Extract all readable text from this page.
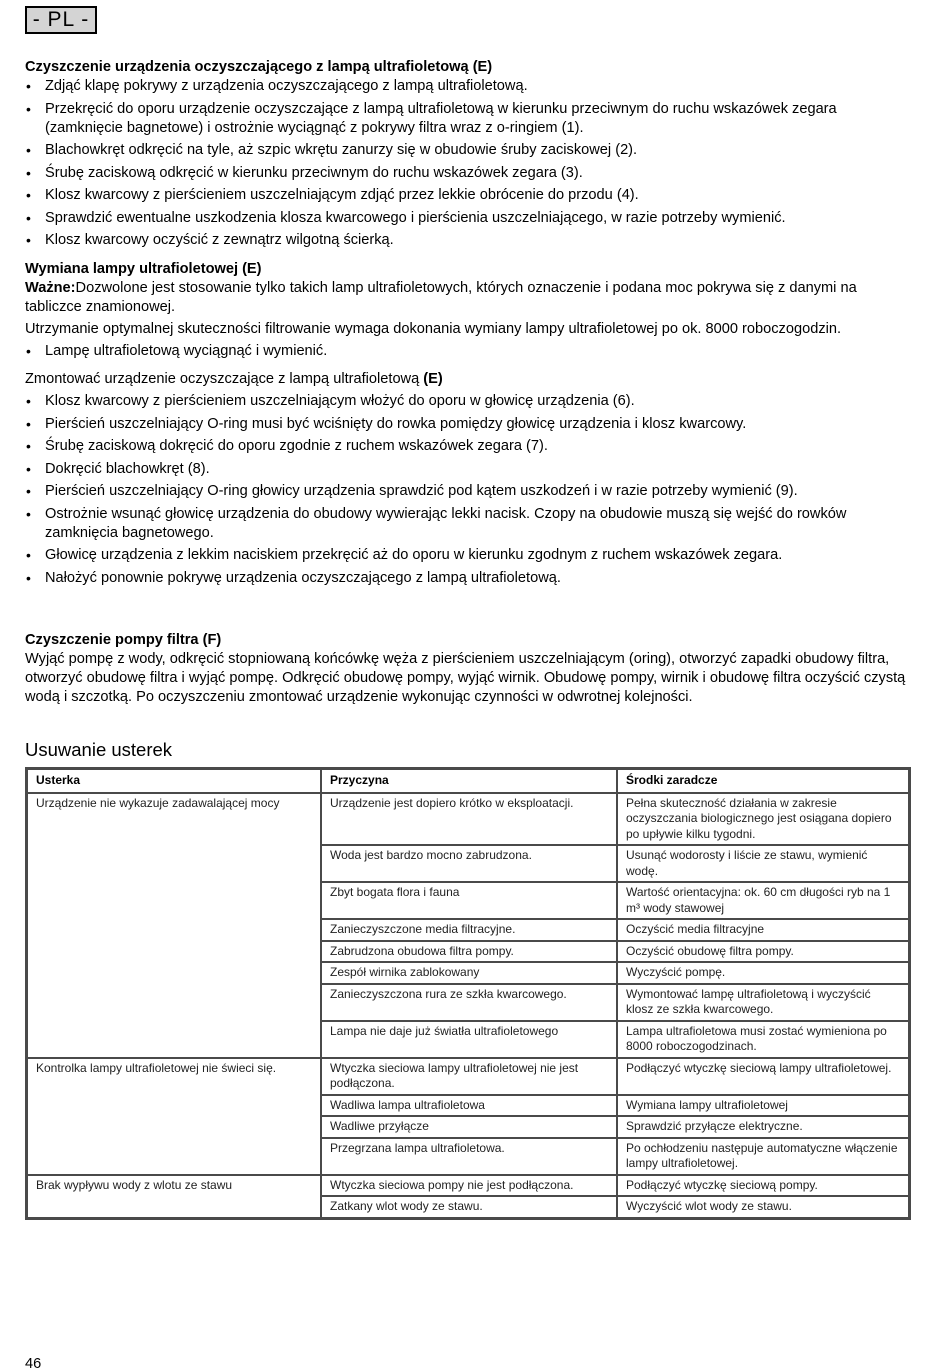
- PL -
Czyszczenie urządzenia oczyszczającego z lampą ultrafioletową (E)
• Zdjąć klapę pokrywy z urządzenia oczyszczającego z lampą ultrafioletową.
• Przekręcić do oporu urządzenie oczyszczające z lampą ultrafioletową w kierunku przeciwnym do ruchu wskazówek zegara (zamknięcie bagnetowe) i ostrożnie wyciągnąć z pokrywy filtra wraz z o-ringiem (1).
• Blachowkręt odkręcić na tyle, aż szpic wkrętu zanurzy się w obudowie śruby zaciskowej (2).
• Śrubę zaciskową odkręcić w kierunku przeciwnym do ruchu wskazówek zegara (3).
• Klosz kwarcowy z pierścieniem uszczelniającym zdjąć przez lekkie obrócenie do przodu (4).
• Sprawdzić ewentualne uszkodzenia klosza kwarcowego i pierścienia uszczelniającego, w razie potrzeby wymienić.
• Klosz kwarcowy oczyścić z zewnątrz wilgotną ścierką.
Wymiana lampy ultrafioletowej (E)

Ważne:Dozwolone jest stosowanie tylko takich lamp ultrafioletowych, których oznaczenie i podana moc pokrywa się z danymi na tabliczce znamionowej.

Utrzymanie optymalnej skuteczności filtrowanie wymaga dokonania wymiany lampy ultrafioletowej po ok. 8000 roboczogodzin.

• Lampę ultrafioletową wyciągnąć i wymienić.

Zmontować urządzenie oczyszczające z lampą ultrafioletową (E)

• Klosz kwarcowy z pierścieniem uszczelniającym włożyć do oporu w głowicę urządzenia (6).
• Pierścień uszczelniający O-ring musi być wciśnięty do rowka pomiędzy głowicę urządzenia i klosz kwarcowy.
• Śrubę zaciskową dokręcić do oporu zgodnie z ruchem wskazówek zegara (7).
• Dokręcić blachowkręt (8).
• Pierścień uszczelniający O-ring głowicy urządzenia sprawdzić pod kątem uszkodzeń i w razie potrzeby wymienić (9).
• Ostrożnie wsunąć głowicę urządzenia do obudowy wywierając lekki nacisk. Czopy na obudowie muszą się wejść do rowków zamknięcia bagnetowego.
• Głowicę urządzenia z lekkim naciskiem przekręcić aż do oporu w kierunku zgodnym z ruchem wskazówek zegara.
• Nałożyć ponownie pokrywę urządzenia oczyszczającego z lampą ultrafioletową.
Czyszczenie pompy filtra (F)

Wyjąć pompę z wody, odkręcić stopniowaną końcówkę węża z pierścieniem uszczelniającym (oring), otworzyć zapadki obudowy filtra, otworzyć obudowę filtra i wyjąć pompę. Odkręcić obudowę pompy, wyjąć wirnik. Obudowę pompy, wirnik i obudowę filtra oczyścić czystą wodą i szczotką. Po oczyszczeniu zmontować urządzenie wykonując czynności w odwrotnej kolejności.

Usuwanie usterek
Usterka	Przyczyna	Środki zaradcze
Urządzenie nie wykazuje zadawalającej mocy	Urządzenie jest dopiero krótko w eksploatacji.	Pełna skuteczność działania w zakresie oczyszczania biologicznego jest osiągana dopiero po upływie kilku tygodni.
	Woda jest bardzo mocno zabrudzona.	Usunąć wodorosty i liście ze stawu, wymienić wodę.
	Zbyt bogata flora i fauna	Wartość orientacyjna: ok. 60 cm długości ryb na 1 m³ wody stawowej
	Zanieczyszczone media filtracyjne.	Oczyścić media filtracyjne
	Zabrudzona obudowa filtra pompy.	Oczyścić obudowę filtra pompy.
	Zespół wirnika zablokowany	Wyczyścić pompę.
	Zanieczyszczona rura ze szkła kwarcowego.	Wymontować lampę ultrafioletową i wyczyścić klosz ze szkła kwarcowego.
	Lampa nie daje już światła ultrafioletowego	Lampa ultrafioletowa musi zostać wymieniona po 8000 roboczogodzinach.
Kontrolka lampy ultrafioletowej nie świeci się.	Wtyczka sieciowa lampy ultrafioletowej nie jest podłączona.	Podłączyć wtyczkę sieciową lampy ultrafioletowej.
	Wadliwa lampa ultrafioletowa	Wymiana lampy ultrafioletowej
	Wadliwe przyłącze	Sprawdzić przyłącze elektryczne.
	Przegrzana lampa ultrafioletowa.	Po ochłodzeniu następuje automatyczne włączenie lampy ultrafioletowej.
Brak wypływu wody z wlotu ze stawu	Wtyczka sieciowa pompy nie jest podłączona.	Podłączyć wtyczkę sieciową pompy.
	Zatkany wlot wody ze stawu.	Wyczyścić wlot wody ze stawu.
46
